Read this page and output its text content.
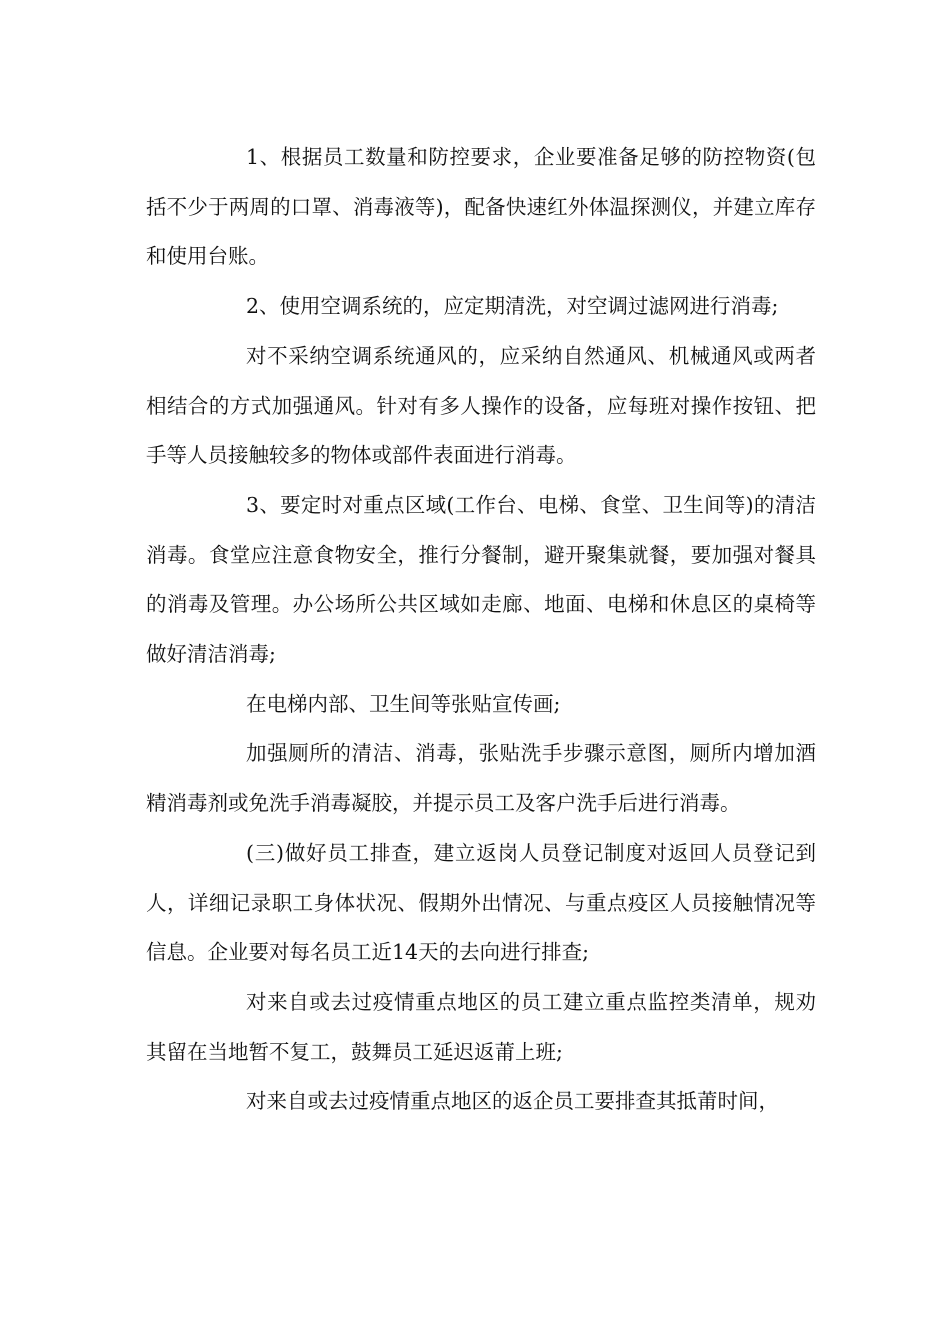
1、根据员工数量和防控要求，企业要准备足够的防控物资(包括不少于两周的口罩、消毒液等)，配备快速红外体温探测仪，并建立库存和使用台账。

2、使用空调系统的，应定期清洗，对空调过滤网进行消毒;

对不采纳空调系统通风的，应采纳自然通风、机械通风或两者相结合的方式加强通风。针对有多人操作的设备，应每班对操作按钮、把手等人员接触较多的物体或部件表面进行消毒。

3、要定时对重点区域(工作台、电梯、食堂、卫生间等)的清洁消毒。食堂应注意食物安全，推行分餐制，避开聚集就餐，要加强对餐具的消毒及管理。办公场所公共区域如走廊、地面、电梯和休息区的桌椅等做好清洁消毒;

在电梯内部、卫生间等张贴宣传画;

加强厕所的清洁、消毒，张贴洗手步骤示意图，厕所内增加酒精消毒剂或免洗手消毒凝胶，并提示员工及客户洗手后进行消毒。

(三)做好员工排查，建立返岗人员登记制度对返回人员登记到人，详细记录职工身体状况、假期外出情况、与重点疫区人员接触情况等信息。企业要对每名员工近14天的去向进行排查;

对来自或去过疫情重点地区的员工建立重点监控类清单，规劝其留在当地暂不复工，鼓舞员工延迟返莆上班;

对来自或去过疫情重点地区的返企员工要排查其抵莆时间，
